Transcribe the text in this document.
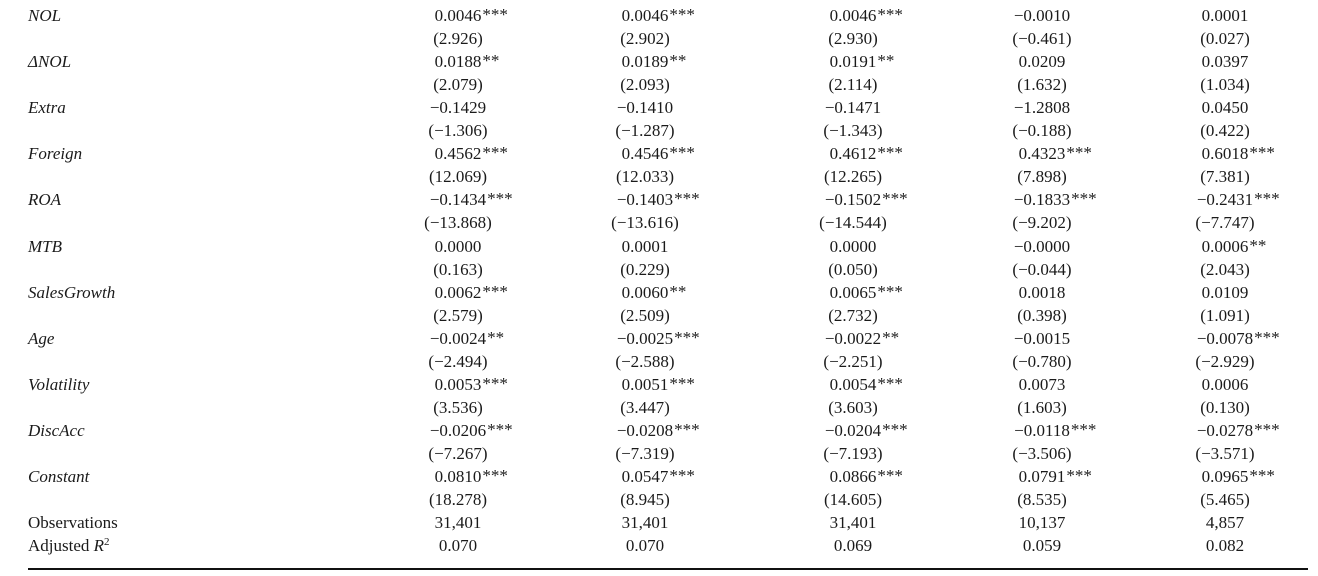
NOL	0.0046 ***	0.0046 ***	0.0046 ***	−0.0010	0.0001
(2.926)	(2.902)	(2.930)	(−0.461)	(0.027)
ΔNOL	0.0188 **	0.0189 **	0.0191 **	0.0209	0.0397
(2.079)	(2.093)	(2.114)	(1.632)	(1.034)
Extra	−0.1429	−0.1410	−0.1471	−1.2808	0.0450
(−1.306)	(−1.287)	(−1.343)	(−0.188)	(0.422)
Foreign	0.4562 ***	0.4546 ***	0.4612 ***	0.4323 ***	0.6018 ***
(12.069)	(12.033)	(12.265)	(7.898)	(7.381)
ROA	−0.1434 ***	−0.1403 ***	−0.1502 ***	−0.1833 ***	−0.2431 ***
(−13.868)	(−13.616)	(−14.544)	(−9.202)	(−7.747)
MTB	0.0000	0.0001	0.0000	−0.0000	0.0006 **
(0.163)	(0.229)	(0.050)	(−0.044)	(2.043)
SalesGrowth	0.0062 ***	0.0060 **	0.0065 ***	0.0018	0.0109
(2.579)	(2.509)	(2.732)	(0.398)	(1.091)
Age	−0.0024 **	−0.0025 ***	−0.0022 **	−0.0015	−0.0078 ***
(−2.494)	(−2.588)	(−2.251)	(−0.780)	(−2.929)
Volatility	0.0053 ***	0.0051 ***	0.0054 ***	0.0073	0.0006
(3.536)	(3.447)	(3.603)	(1.603)	(0.130)
DiscAcc	−0.0206 ***	−0.0208 ***	−0.0204 ***	−0.0118 ***	−0.0278 ***
(−7.267)	(−7.319)	(−7.193)	(−3.506)	(−3.571)
Constant	0.0810 ***	0.0547 ***	0.0866 ***	0.0791 ***	0.0965 ***
(18.278)	(8.945)	(14.605)	(8.535)	(5.465)
Observations	31,401	31,401	31,401	10,137	4,857
Adjusted $R^2$	0.070	0.070	0.069	0.059	0.082
